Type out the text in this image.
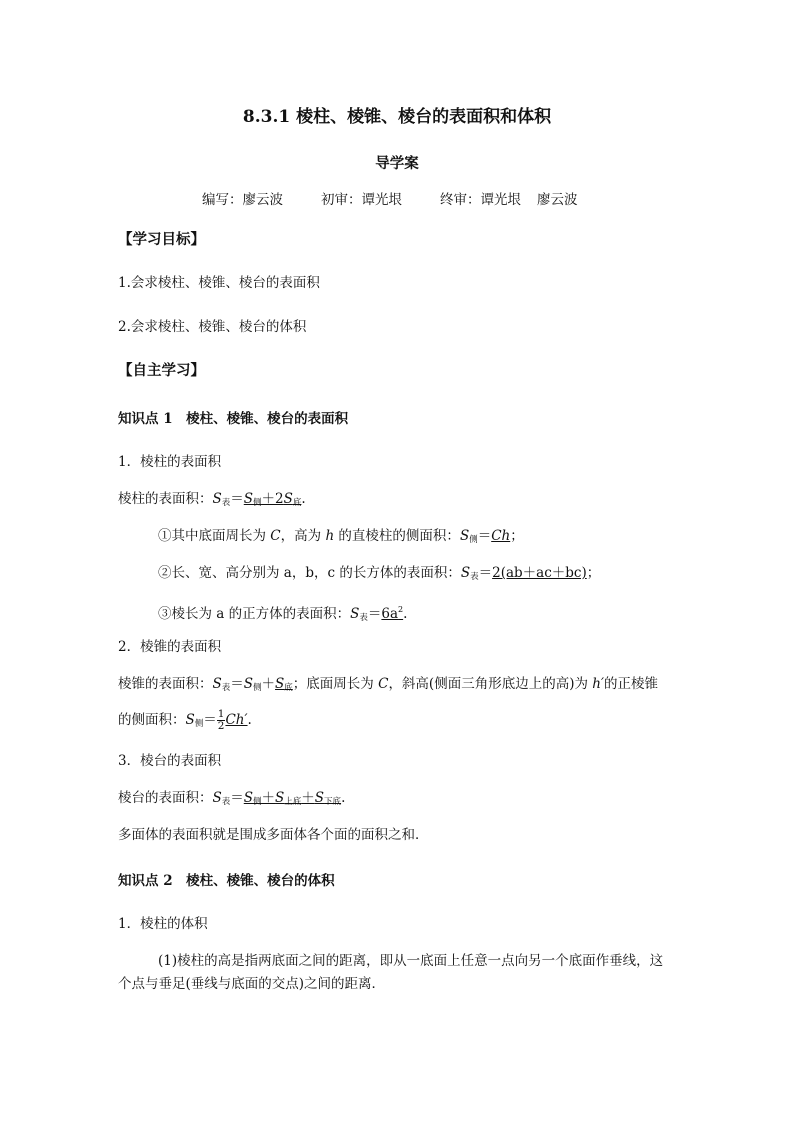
8.3.1 棱柱、棱锥、棱台的表面积和体积
导学案
编写：廖云波	初审：谭光垠	终审：谭光垠 廖云波
【学习目标】
1.会求棱柱、棱锥、棱台的表面积
2.会求棱柱、棱锥、棱台的体积
【自主学习】
知识点 1　棱柱、棱锥、棱台的表面积
1．棱柱的表面积
棱柱的表面积：$S_表=S_侧+2S_底$.
①其中底面周长为 C，高为 h 的直棱柱的侧面积：$S_侧=Ch$；
②长、宽、高分别为 a，b，c 的长方体的表面积：$S_表=2(ab+ac+bc)$；
③棱长为 a 的正方体的表面积：$S_表=6a^2$.
2．棱锥的表面积
棱锥的表面积：$S_表=S_侧+S_底$；底面周长为 C，斜高(侧面三角形底边上的高)为 h′的正棱锥
的侧面积：$S_侧= \frac{1}{2} Ch'$.
3．棱台的表面积
棱台的表面积：$S_表=S_侧+S_{上底}+S_{下底}$.
多面体的表面积就是围成多面体各个面的面积之和．
知识点 2　棱柱、棱锥、棱台的体积
1．棱柱的体积
(1)棱柱的高是指两底面之间的距离，即从一底面上任意一点向另一个底面作垂线，这
个点与垂足(垂线与底面的交点)之间的距离．
